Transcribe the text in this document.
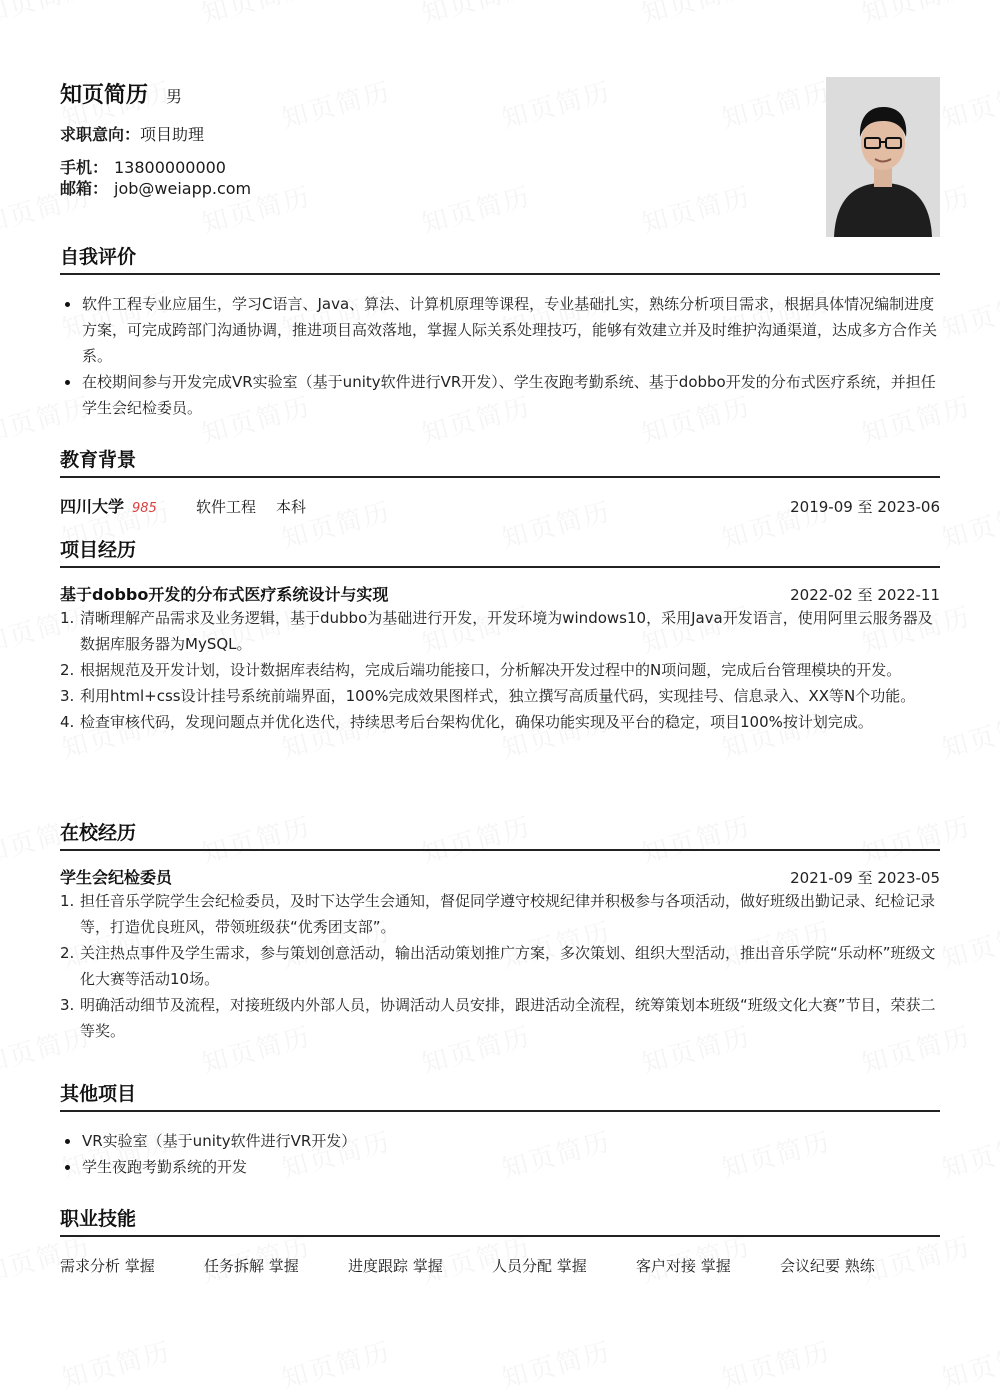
知页简历 男
求职意向：项目助理
手机： 13800000000
邮箱： job@weiapp.com
自我评价
软件工程专业应届生，学习C语言、Java、算法、计算机原理等课程，专业基础扎实，熟练分析项目需求，根据具体情况编制进度方案，可完成跨部门沟通协调，推进项目高效落地，掌握人际关系处理技巧，能够有效建立并及时维护沟通渠道，达成多方合作关系。
在校期间参与开发完成VR实验室（基于unity软件进行VR开发）、学生夜跑考勤系统、基于dobbo开发的分布式医疗系统，并担任学生会纪检委员。
教育背景
四川大学 985	软件工程 本科	2019-09 至 2023-06
项目经历
基于dobbo开发的分布式医疗系统设计与实现	2022-02 至 2022-11
1. 清晰理解产品需求及业务逻辑，基于dubbo为基础进行开发，开发环境为windows10，采用Java开发语言，使用阿里云服务器及数据库服务器为MySQL。
2. 根据规范及开发计划，设计数据库表结构，完成后端功能接口，分析解决开发过程中的N项问题，完成后台管理模块的开发。
3. 利用html+css设计挂号系统前端界面，100%完成效果图样式，独立撰写高质量代码，实现挂号、信息录入、XX等N个功能。
4. 检查审核代码，发现问题点并优化迭代，持续思考后台架构优化，确保功能实现及平台的稳定，项目100%按计划完成。
在校经历
学生会纪检委员	2021-09 至 2023-05
1. 担任音乐学院学生会纪检委员，及时下达学生会通知，督促同学遵守校规纪律并积极参与各项活动，做好班级出勤记录、纪检记录等，打造优良班风，带领班级获“优秀团支部”。
2. 关注热点事件及学生需求，参与策划创意活动，输出活动策划推广方案，多次策划、组织大型活动，推出音乐学院“乐动杯”班级文化大赛等活动10场。
3. 明确活动细节及流程，对接班级内外部人员，协调活动人员安排，跟进活动全流程，统筹策划本班级“班级文化大赛”节目，荣获二等奖。
其他项目
VR实验室（基于unity软件进行VR开发）
学生夜跑考勤系统的开发
职业技能
需求分析 掌握	任务拆解 掌握	进度跟踪 掌握	人员分配 掌握	客户对接 掌握	会议纪要 熟练
